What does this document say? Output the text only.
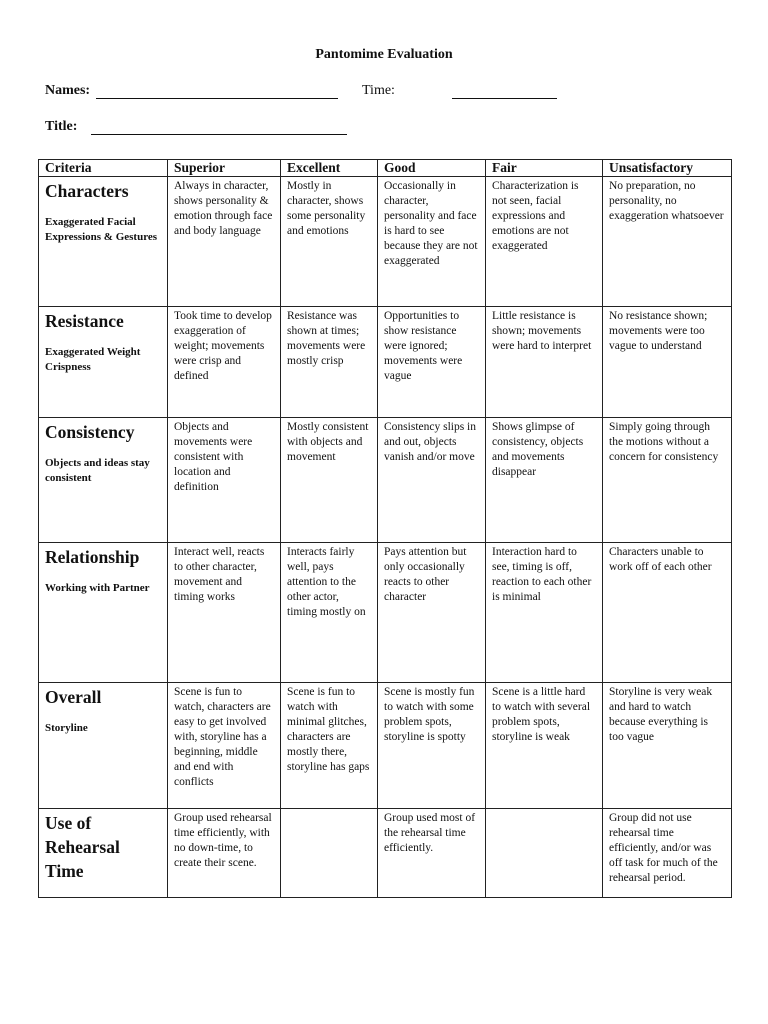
Pantomime Evaluation
Names:	Time:
Title:
Criteria	Superior	Excellent	Good	Fair	Unsatisfactory

Characters
Exaggerated Facial Expressions & Gestures	Always in character, shows personality & emotion through face and body language	Mostly in character, shows some personality and emotions	Occasionally in character, personality and face is hard to see because they are not exaggerated	Characterization is not seen, facial expressions and emotions are not exaggerated	No preparation, no personality, no exaggeration whatsoever

Resistance
Exaggerated Weight Crispness	Took time to develop exaggeration of weight; movements were crisp and defined	Resistance was shown at times; movements were mostly crisp	Opportunities to show resistance were ignored; movements were vague	Little resistance is shown; movements were hard to interpret	No resistance shown; movements were too vague to understand

Consistency
Objects and ideas stay consistent	Objects and movements were consistent with location and definition	Mostly consistent with objects and movement	Consistency slips in and out, objects vanish and/or move	Shows glimpse of consistency, objects and movements disappear	Simply going through the motions without a concern for consistency

Relationship
Working with Partner	Interact well, reacts to other character, movement and timing works	Interacts fairly well, pays attention to the other actor, timing mostly on	Pays attention but only occasionally reacts to other character	Interaction hard to see, timing is off, reaction to each other is minimal	Characters unable to work off of each other

Overall
Storyline	Scene is fun to watch, characters are easy to get involved with, storyline has a beginning, middle and end with conflicts	Scene is fun to watch with minimal glitches, characters are mostly there, storyline has gaps	Scene is mostly fun to watch with some problem spots, storyline is spotty	Scene is a little hard to watch with several problem spots, storyline is weak	Storyline is very weak and hard to watch because everything is too vague

Use of Rehearsal Time	Group used rehearsal time efficiently, with no down-time, to create their scene.		Group used most of the rehearsal time efficiently.		Group did not use rehearsal time efficiently, and/or was off task for much of the rehearsal period.
